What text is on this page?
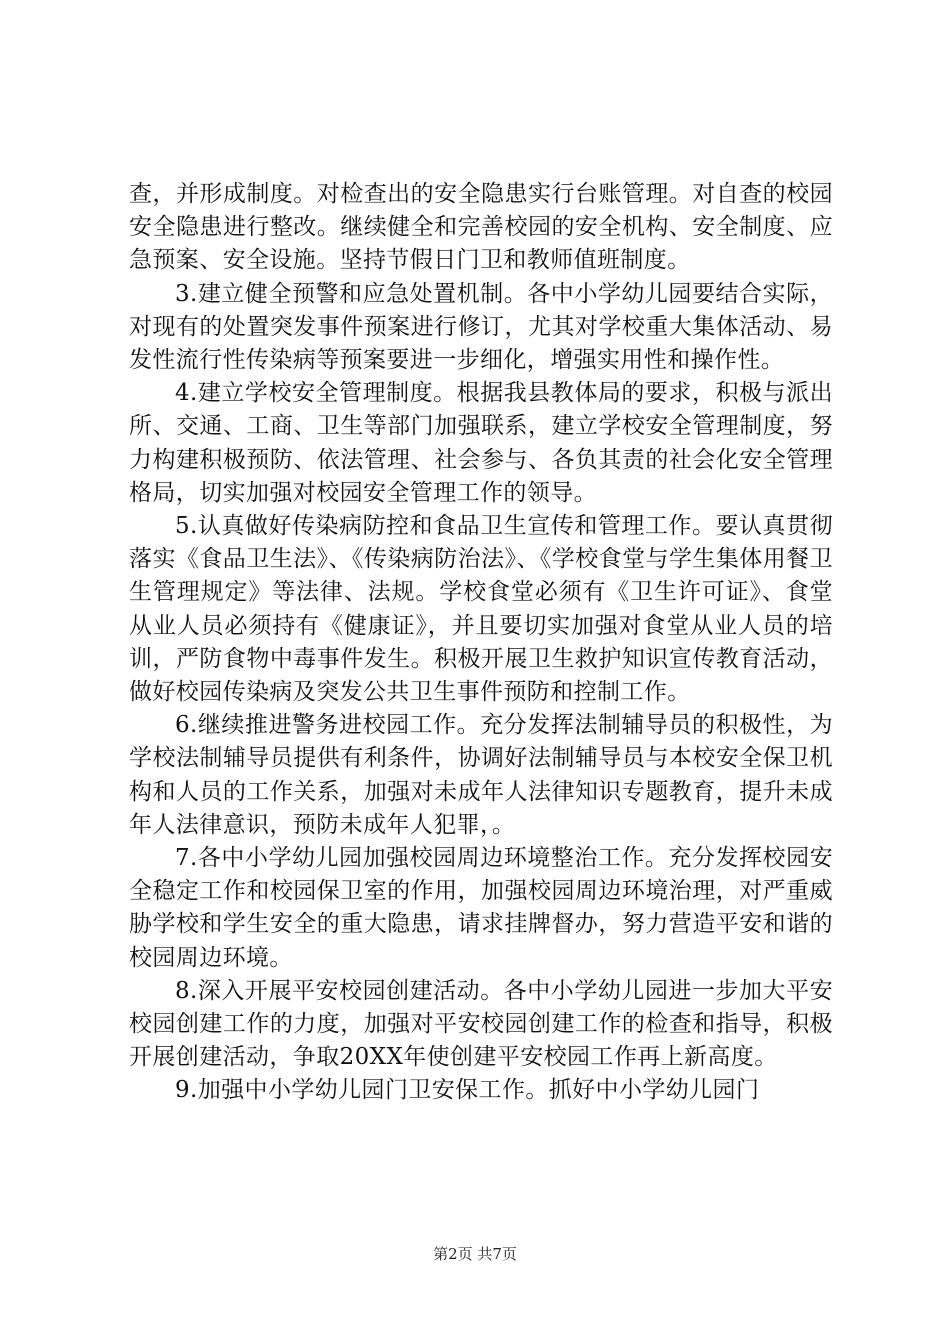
查，并形成制度。对检查出的安全隐患实行台账管理。对自查的校园安全隐患进行整改。继续健全和完善校园的安全机构、安全制度、应急预案、安全设施。坚持节假日门卫和教师值班制度。

3.建立健全预警和应急处置机制。各中小学幼儿园要结合实际，对现有的处置突发事件预案进行修订，尤其对学校重大集体活动、易发性流行性传染病等预案要进一步细化，增强实用性和操作性。

4.建立学校安全管理制度。根据我县教体局的要求，积极与派出所、交通、工商、卫生等部门加强联系，建立学校安全管理制度，努力构建积极预防、依法管理、社会参与、各负其责的社会化安全管理格局，切实加强对校园安全管理工作的领导。

5.认真做好传染病防控和食品卫生宣传和管理工作。要认真贯彻落实《食品卫生法》、《传染病防治法》、《学校食堂与学生集体用餐卫生管理规定》等法律、法规。学校食堂必须有《卫生许可证》、食堂从业人员必须持有《健康证》，并且要切实加强对食堂从业人员的培训，严防食物中毒事件发生。积极开展卫生救护知识宣传教育活动，做好校园传染病及突发公共卫生事件预防和控制工作。

6.继续推进警务进校园工作。充分发挥法制辅导员的积极性，为学校法制辅导员提供有利条件，协调好法制辅导员与本校安全保卫机构和人员的工作关系，加强对未成年人法律知识专题教育，提升未成年人法律意识，预防未成年人犯罪，。

7.各中小学幼儿园加强校园周边环境整治工作。充分发挥校园安全稳定工作和校园保卫室的作用，加强校园周边环境治理，对严重威胁学校和学生安全的重大隐患，请求挂牌督办，努力营造平安和谐的校园周边环境。

8.深入开展平安校园创建活动。各中小学幼儿园进一步加大平安校园创建工作的力度，加强对平安校园创建工作的检查和指导，积极开展创建活动，争取20XX年使创建平安校园工作再上新高度。

9.加强中小学幼儿园门卫安保工作。抓好中小学幼儿园门

第2页 共7页
